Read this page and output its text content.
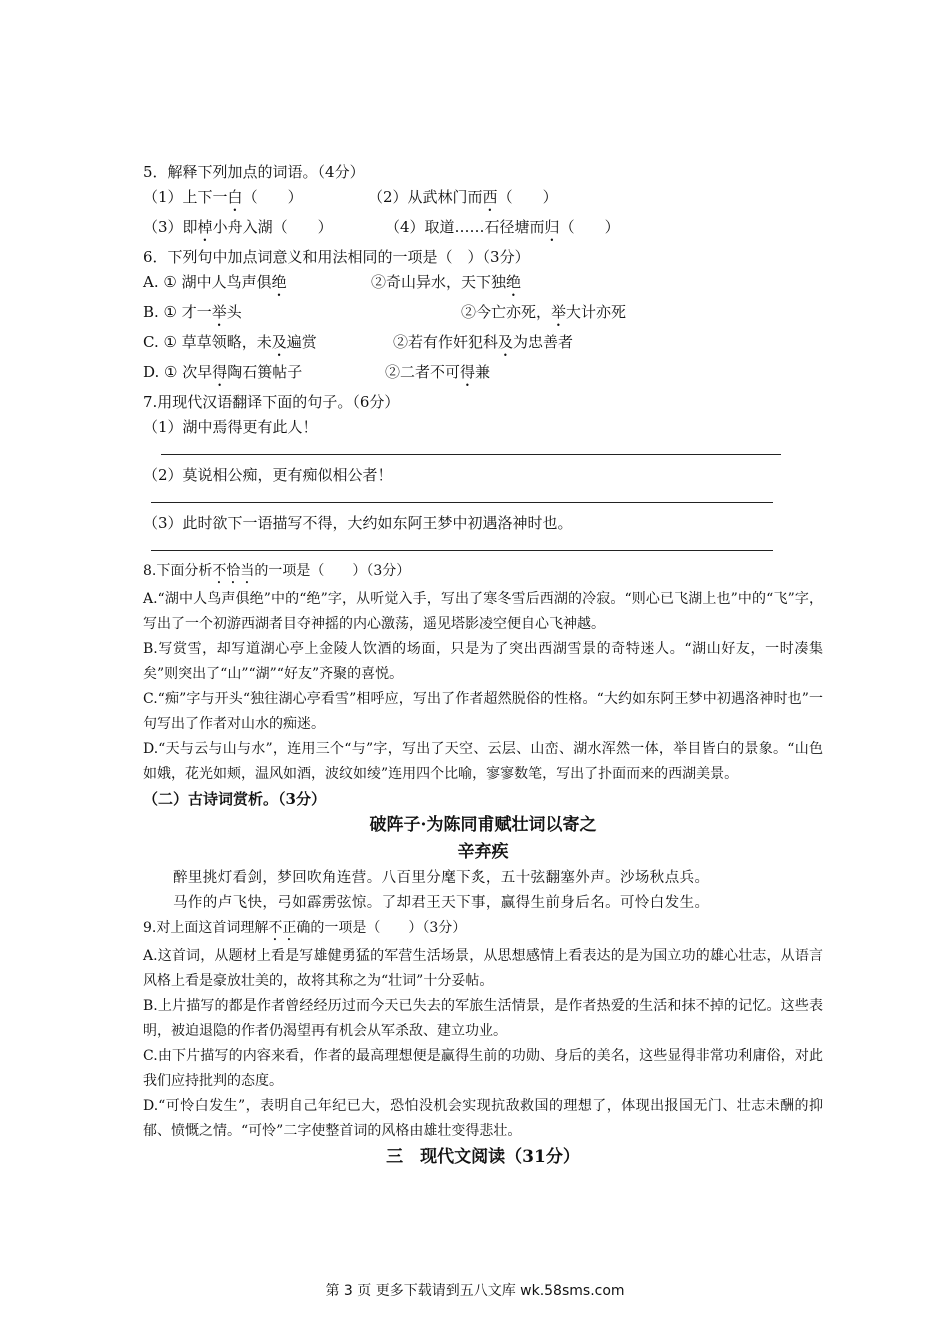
5．解释下列加点的词语。（4分）
（1）上下一白（　　）	（2）从武林门而西（　　）
（3）即棹小舟入湖（　　）	（4）取道……石径塘而归（　　）
6．下列句中加点词意义和用法相同的一项是（　）（3分）
A. ① 湖中人鸟声俱绝	②奇山异水，天下独绝
B. ① 才一举头	②今亡亦死，举大计亦死
C. ① 草草领略，未及遍赏	②若有作奸犯科及为忠善者
D. ① 次早得陶石篑帖子	②二者不可得兼
7.用现代汉语翻译下面的句子。（6分）
（1）湖中焉得更有此人！
（2）莫说相公痴，更有痴似相公者！
（3）此时欲下一语描写不得，大约如东阿王梦中初遇洛神时也。
8.下面分析不恰当的一项是（　　）（3分）
A.“湖中人鸟声俱绝”中的“绝”字，从听觉入手，写出了寒冬雪后西湖的冷寂。“则心已飞湖上也”中的“飞”字，写出了一个初游西湖者目夺神摇的内心激荡，遥见塔影凌空便自心飞神越。
B.写赏雪，却写道湖心亭上金陵人饮酒的场面，只是为了突出西湖雪景的奇特迷人。“湖山好友，一时凑集矣”则突出了“山”“湖”“好友”齐聚的喜悦。
C.“痴”字与开头“独往湖心亭看雪”相呼应，写出了作者超然脱俗的性格。“大约如东阿王梦中初遇洛神时也”一句写出了作者对山水的痴迷。
D.“天与云与山与水”，连用三个“与”字，写出了天空、云层、山峦、湖水浑然一体，举目皆白的景象。“山色如娥，花光如颊，温风如酒，波纹如绫”连用四个比喻，寥寥数笔，写出了扑面而来的西湖美景。
（二）古诗词赏析。（3分）
破阵子·为陈同甫赋壮词以寄之
辛弃疾
醉里挑灯看剑，梦回吹角连营。八百里分麾下炙，五十弦翻塞外声。沙场秋点兵。
马作的卢飞快，弓如霹雳弦惊。了却君王天下事，赢得生前身后名。可怜白发生。
9.对上面这首词理解不正确的一项是（　　）（3分）
A.这首词，从题材上看是写雄健勇猛的军营生活场景，从思想感情上看表达的是为国立功的雄心壮志，从语言风格上看是豪放壮美的，故将其称之为“壮词”十分妥帖。
B.上片描写的都是作者曾经经历过而今天已失去的军旅生活情景，是作者热爱的生活和抹不掉的记忆。这些表明，被迫退隐的作者仍渴望再有机会从军杀敌、建立功业。
C.由下片描写的内容来看，作者的最高理想便是赢得生前的功勋、身后的美名，这些显得非常功利庸俗，对此我们应持批判的态度。
D.“可怜白发生”，表明自己年纪已大，恐怕没机会实现抗敌救国的理想了，体现出报国无门、壮志未酬的抑郁、愤慨之情。“可怜”二字使整首词的风格由雄壮变得悲壮。
三　现代文阅读（31分）
第 3 页 更多下载请到五八文库 wk.58sms.com
